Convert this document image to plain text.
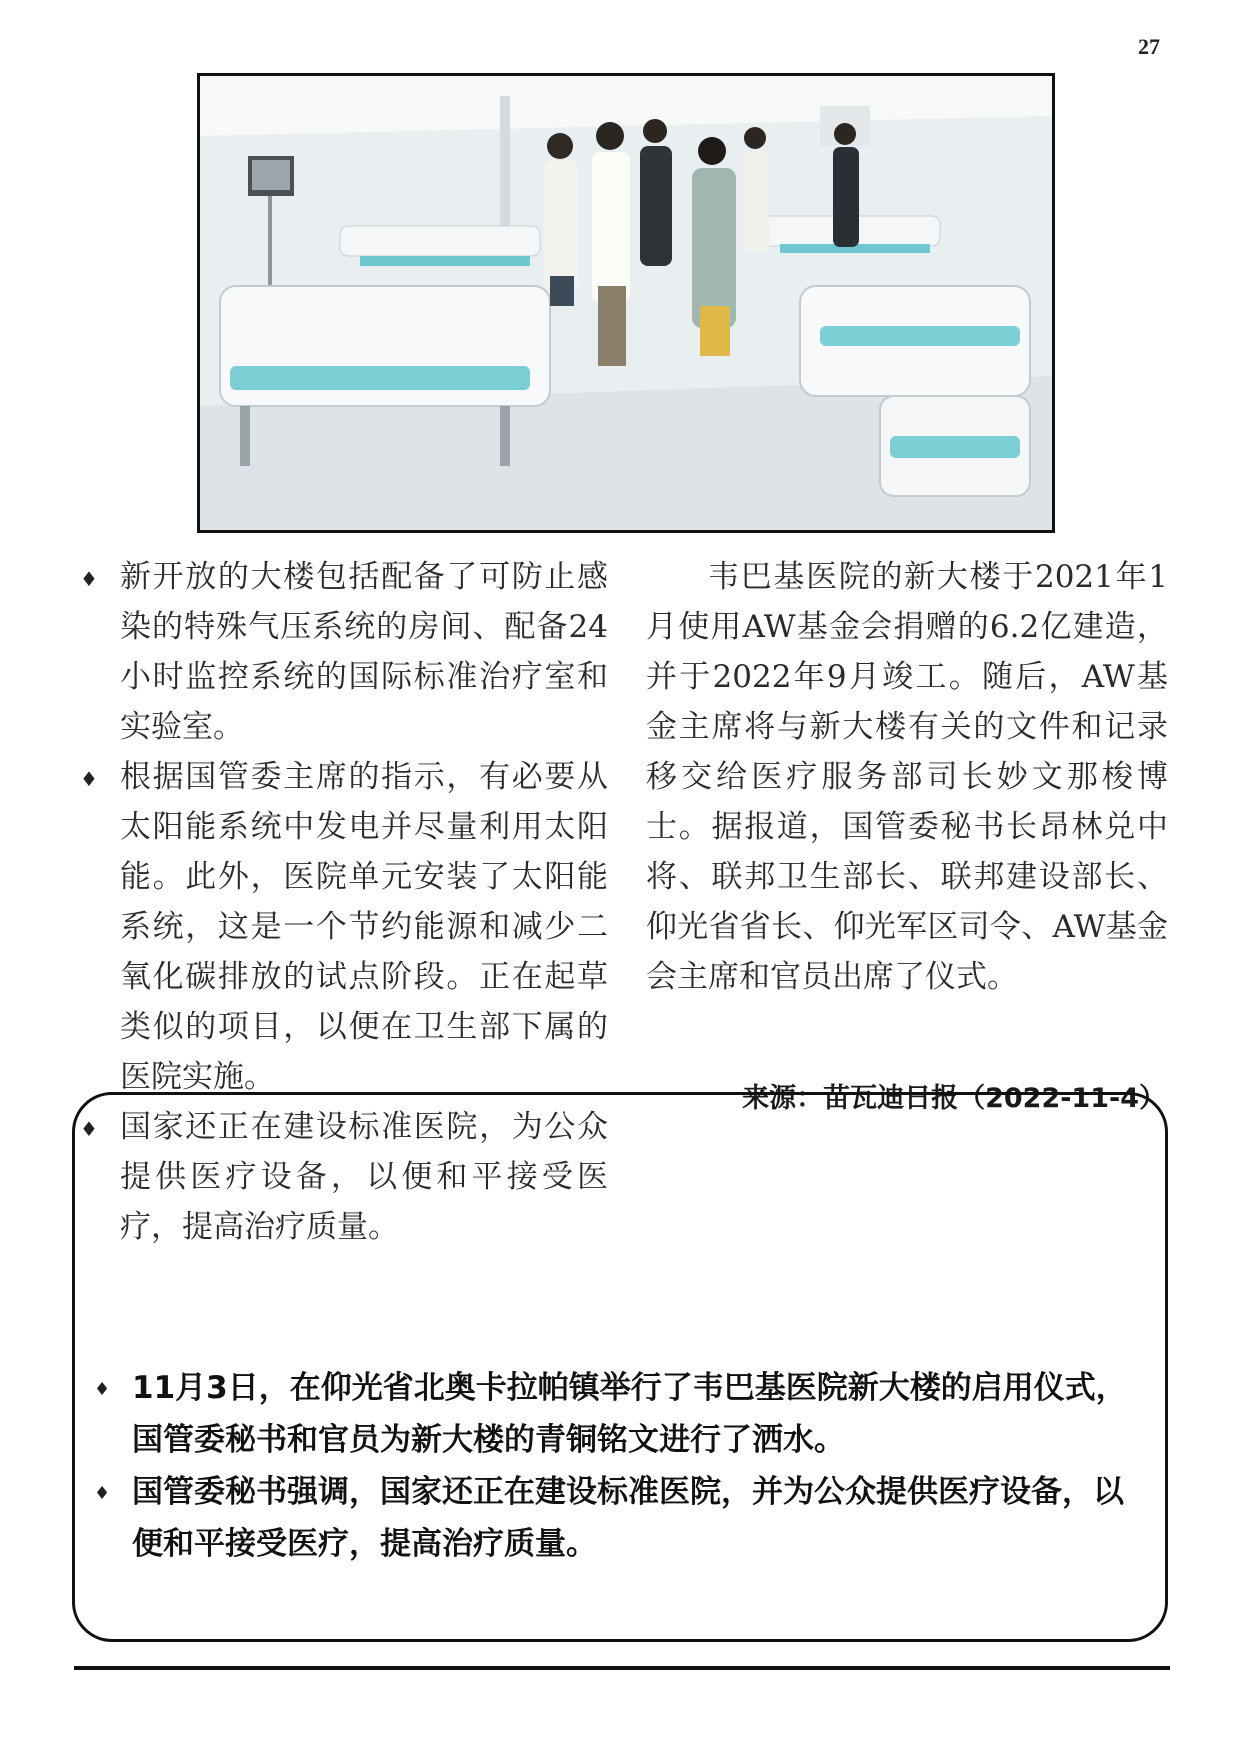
27

♦ 新开放的大楼包括配备了可防止感染的特殊气压系统的房间、配备24小时监控系统的国际标准治疗室和实验室。

♦ 根据国管委主席的指示，有必要从太阳能系统中发电并尽量利用太阳能。此外，医院单元安装了太阳能系统，这是一个节约能源和减少二氧化碳排放的试点阶段。正在起草类似的项目，以便在卫生部下属的医院实施。

♦ 国家还正在建设标准医院，为公众提供医疗设备，以便和平接受医疗，提高治疗质量。

韦巴基医院的新大楼于2021年1月使用AW基金会捐赠的6.2亿建造，并于2022年9月竣工。随后，AW基金主席将与新大楼有关的文件和记录移交给医疗服务部司长妙文那梭博士。据报道，国管委秘书长昂林兑中将、联邦卫生部长、联邦建设部长、仰光省省长、仰光军区司令、AW基金会主席和官员出席了仪式。

来源：苗瓦迪日报（2022-11-4）

♦ 11月3日，在仰光省北奥卡拉帕镇举行了韦巴基医院新大楼的启用仪式，国管委秘书和官员为新大楼的青铜铭文进行了洒水。

♦ 国管委秘书强调，国家还正在建设标准医院，并为公众提供医疗设备，以便和平接受医疗，提高治疗质量。
